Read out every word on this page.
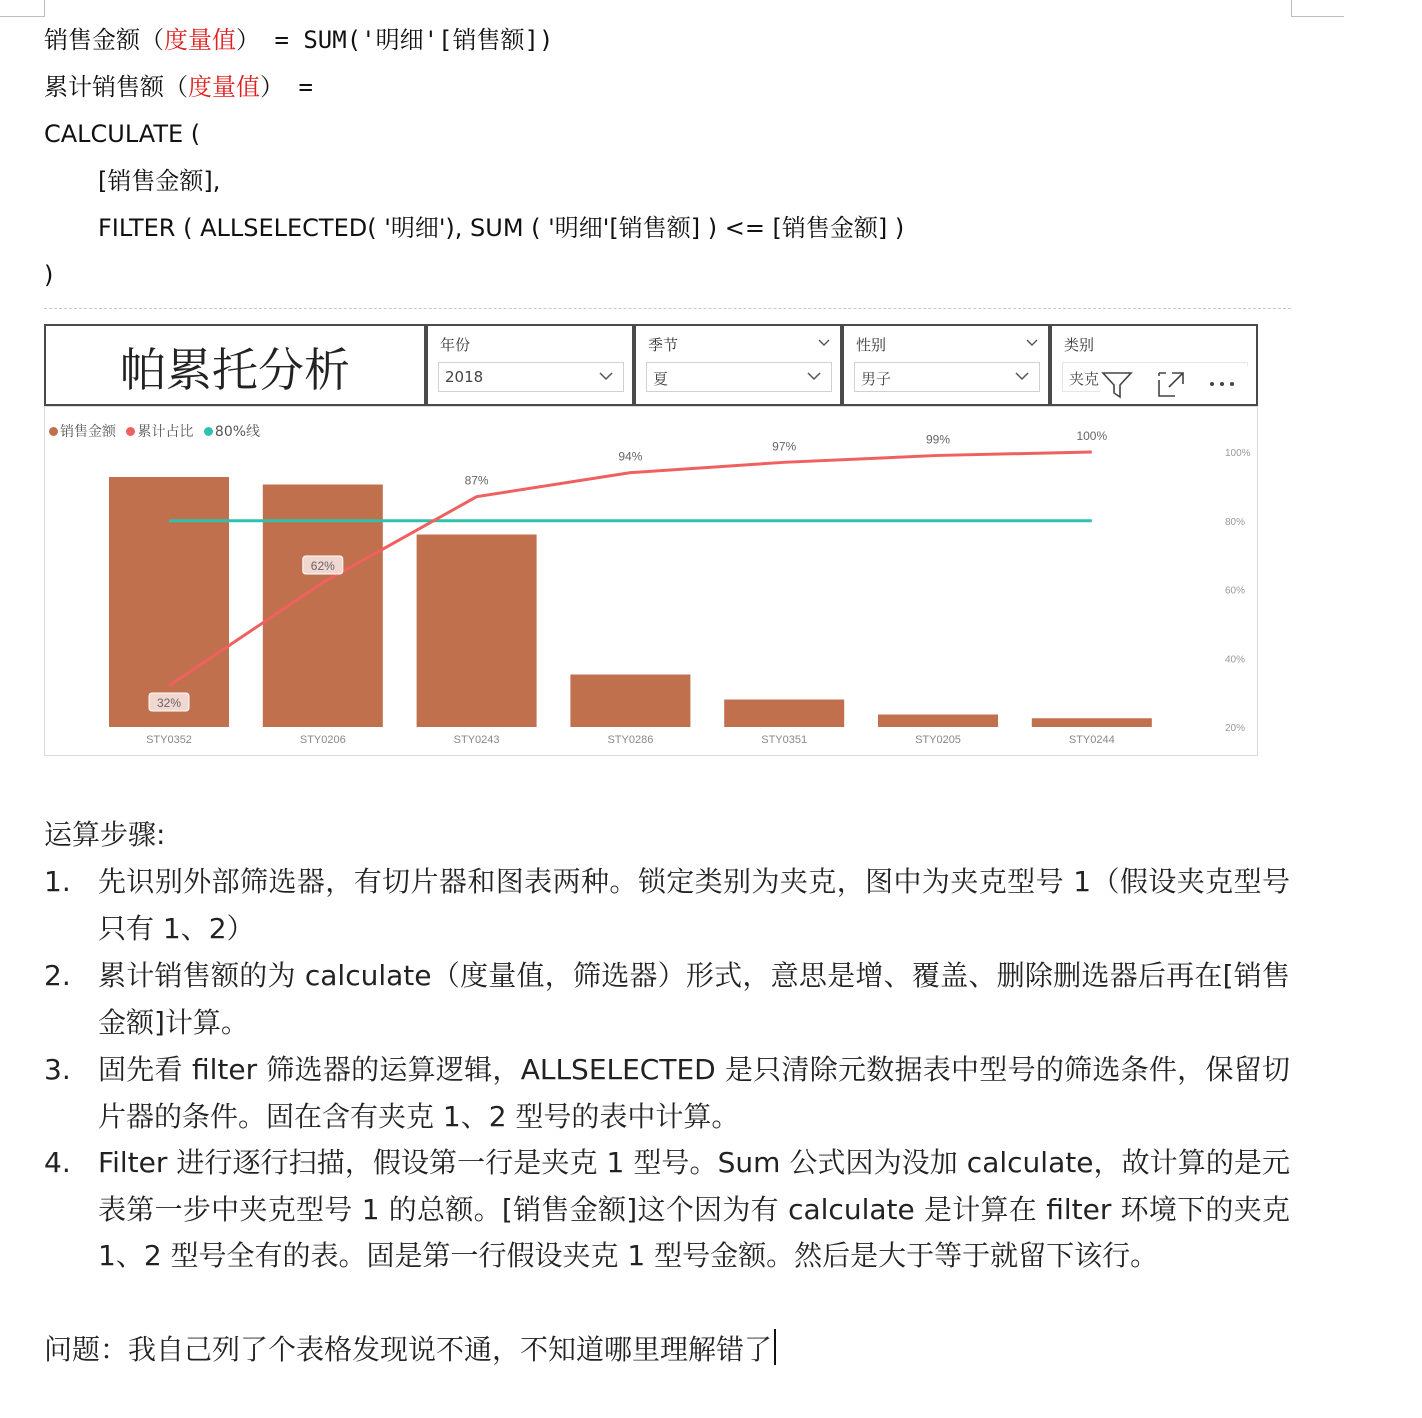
销售金额（度量值） = SUM('明细'[销售额])
累计销售额（度量值） =
CALCULATE (
[销售金额],
FILTER ( ALLSELECTED( '明细'), SUM ( '明细'[销售额] ) <= [销售金额] )
)
帕累托分析	年份
2018
季节
夏
性别
男子
类别
夹克
销售金额 累计占比 80%线
STY0352	STY0206	STY0243	STY0286	STY0351	STY0205	STY0244
100%
80%
60%
40%
20%
32%
62%
87%
94%
97%	99%	100%
运算步骤:
1. 先识别外部筛选器，有切片器和图表两种。锁定类别为夹克，图中为夹克型号 1（假设夹克型号只有 1、2）
2. 累计销售额的为 calculate（度量值，筛选器）形式，意思是增、覆盖、删除删选器后再在[销售金额]计算。
3. 固先看 filter 筛选器的运算逻辑，ALLSELECTED 是只清除元数据表中型号的筛选条件，保留切片器的条件。固在含有夹克 1、2 型号的表中计算。
4. Filter 进行逐行扫描，假设第一行是夹克 1 型号。Sum 公式因为没加 calculate，故计算的是元表第一步中夹克型号 1 的总额。[销售金额]这个因为有 calculate 是计算在 filter 环境下的夹克 1、2 型号全有的表。固是第一行假设夹克 1 型号金额。然后是大于等于就留下该行。
问题：我自己列了个表格发现说不通，不知道哪里理解错了
